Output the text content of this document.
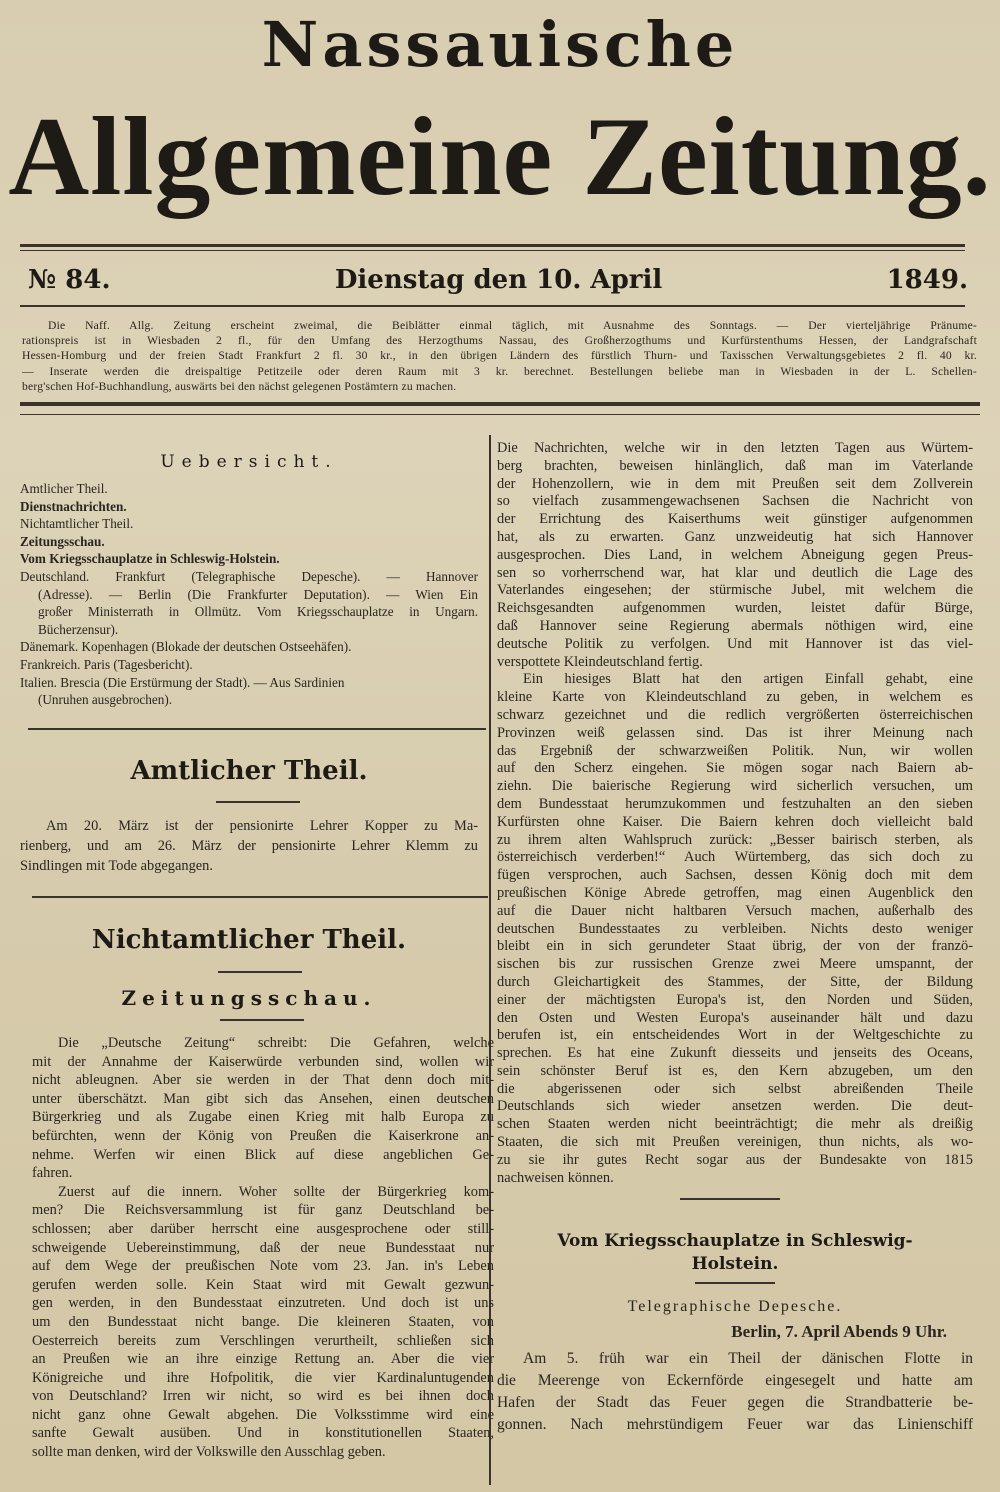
Nassauische
Allgemeine Zeitung.
№ 84.	Dienstag den 10. April	1849.
Die Naff. Allg. Zeitung erscheint zweimal, die Beiblätter einmal täglich, mit Ausnahme des Sonntags. — Der vierteljährige Pränume-
rationspreis ist in Wiesbaden 2 fl., für den Umfang des Herzogthums Nassau, des Großherzogthums und Kurfürstenthums Hessen, der Landgrafschaft
Hessen-Homburg und der freien Stadt Frankfurt 2 fl. 30 kr., in den übrigen Ländern des fürstlich Thurn- und Taxisschen Verwaltungsgebietes 2 fl. 40 kr.
— Inserate werden die dreispaltige Petitzeile oder deren Raum mit 3 kr. berechnet. Bestellungen beliebe man in Wiesbaden in der L. Schellen-
berg'schen Hof-Buchhandlung, auswärts bei den nächst gelegenen Postämtern zu machen.
Uebersicht.
Amtlicher Theil.
Dienstnachrichten.
Nichtamtlicher Theil.
Zeitungsschau.
Vom Kriegsschauplatze in Schleswig-Holstein.
Deutschland. Frankfurt (Telegraphische Depesche). — Hannover
(Adresse). — Berlin (Die Frankfurter Deputation). — Wien Ein
großer Ministerrath in Ollmütz. Vom Kriegsschauplatze in Ungarn.
Bücherzensur).
Dänemark. Kopenhagen (Blokade der deutschen Ostseehäfen).
Frankreich. Paris (Tagesbericht).
Italien. Brescia (Die Erstürmung der Stadt). — Aus Sardinien
(Unruhen ausgebrochen).
Amtlicher Theil.
Am 20. März ist der pensionirte Lehrer Kopper zu Ma-
rienberg, und am 26. März der pensionirte Lehrer Klemm zu
Sindlingen mit Tode abgegangen.
Nichtamtlicher Theil.
Zeitungsschau.
Die „Deutsche Zeitung“ schreibt: Die Gefahren, welche
mit der Annahme der Kaiserwürde verbunden sind, wollen wir
nicht ableugnen. Aber sie werden in der That denn doch mit-
unter überschätzt. Man gibt sich das Ansehen, einen deutschen
Bürgerkrieg und als Zugabe einen Krieg mit halb Europa zu
befürchten, wenn der König von Preußen die Kaiserkrone an-
nehme. Werfen wir einen Blick auf diese angeblichen Ge-
fahren.
Zuerst auf die innern. Woher sollte der Bürgerkrieg kom-
men? Die Reichsversammlung ist für ganz Deutschland be-
schlossen; aber darüber herrscht eine ausgesprochene oder still-
schweigende Uebereinstimmung, daß der neue Bundesstaat nur
auf dem Wege der preußischen Note vom 23. Jan. in's Leben
gerufen werden solle. Kein Staat wird mit Gewalt gezwun-
gen werden, in den Bundesstaat einzutreten. Und doch ist uns
um den Bundesstaat nicht bange. Die kleineren Staaten, von
Oesterreich bereits zum Verschlingen verurtheilt, schließen sich
an Preußen wie an ihre einzige Rettung an. Aber die vier
Königreiche und ihre Hofpolitik, die vier Kardinaluntugenden
von Deutschland? Irren wir nicht, so wird es bei ihnen doch
nicht ganz ohne Gewalt abgehen. Die Volksstimme wird eine
sanfte Gewalt ausüben. Und in konstitutionellen Staaten,
sollte man denken, wird der Volkswille den Ausschlag geben.
Die Nachrichten, welche wir in den letzten Tagen aus Würtem-
berg brachten, beweisen hinlänglich, daß man im Vaterlande
der Hohenzollern, wie in dem mit Preußen seit dem Zollverein
so vielfach zusammengewachsenen Sachsen die Nachricht von
der Errichtung des Kaiserthums weit günstiger aufgenommen
hat, als zu erwarten. Ganz unzweideutig hat sich Hannover
ausgesprochen. Dies Land, in welchem Abneigung gegen Preus-
sen so vorherrschend war, hat klar und deutlich die Lage des
Vaterlandes eingesehen; der stürmische Jubel, mit welchem die
Reichsgesandten aufgenommen wurden, leistet dafür Bürge,
daß Hannover seine Regierung abermals nöthigen wird, eine
deutsche Politik zu verfolgen. Und mit Hannover ist das viel-
verspottete Kleindeutschland fertig.
Ein hiesiges Blatt hat den artigen Einfall gehabt, eine
kleine Karte von Kleindeutschland zu geben, in welchem es
schwarz gezeichnet und die redlich vergrößerten österreichischen
Provinzen weiß gelassen sind. Das ist ihrer Meinung nach
das Ergebniß der schwarzweißen Politik. Nun, wir wollen
auf den Scherz eingehen. Sie mögen sogar nach Baiern ab-
ziehn. Die baierische Regierung wird sicherlich versuchen, um
dem Bundesstaat herumzukommen und festzuhalten an den sieben
Kurfürsten ohne Kaiser. Die Baiern kehren doch vielleicht bald
zu ihrem alten Wahlspruch zurück: „Besser bairisch sterben, als
österreichisch verderben!“ Auch Würtemberg, das sich doch zu
fügen versprochen, auch Sachsen, dessen König doch mit dem
preußischen Könige Abrede getroffen, mag einen Augenblick den
auf die Dauer nicht haltbaren Versuch machen, außerhalb des
deutschen Bundesstaates zu verbleiben. Nichts desto weniger
bleibt ein in sich gerundeter Staat übrig, der von der franzö-
sischen bis zur russischen Grenze zwei Meere umspannt, der
durch Gleichartigkeit des Stammes, der Sitte, der Bildung
einer der mächtigsten Europa's ist, den Norden und Süden,
den Osten und Westen Europa's auseinander hält und dazu
berufen ist, ein entscheidendes Wort in der Weltgeschichte zu
sprechen. Es hat eine Zukunft diesseits und jenseits des Oceans,
sein schönster Beruf ist es, den Kern abzugeben, um den
die abgerissenen oder sich selbst abreißenden Theile
Deutschlands sich wieder ansetzen werden. Die deut-
schen Staaten werden nicht beeinträchtigt; die mehr als dreißig
Staaten, die sich mit Preußen vereinigen, thun nichts, als wo-
zu sie ihr gutes Recht sogar aus der Bundesakte von 1815
nachweisen können.
Vom Kriegsschauplatze in Schleswig-
Holstein.
Telegraphische Depesche.
Berlin, 7. April Abends 9 Uhr.
Am 5. früh war ein Theil der dänischen Flotte in
die Meerenge von Eckernförde eingesegelt und hatte am
Hafen der Stadt das Feuer gegen die Strandbatterie be-
gonnen. Nach mehrstündigem Feuer war das Linienschiff
